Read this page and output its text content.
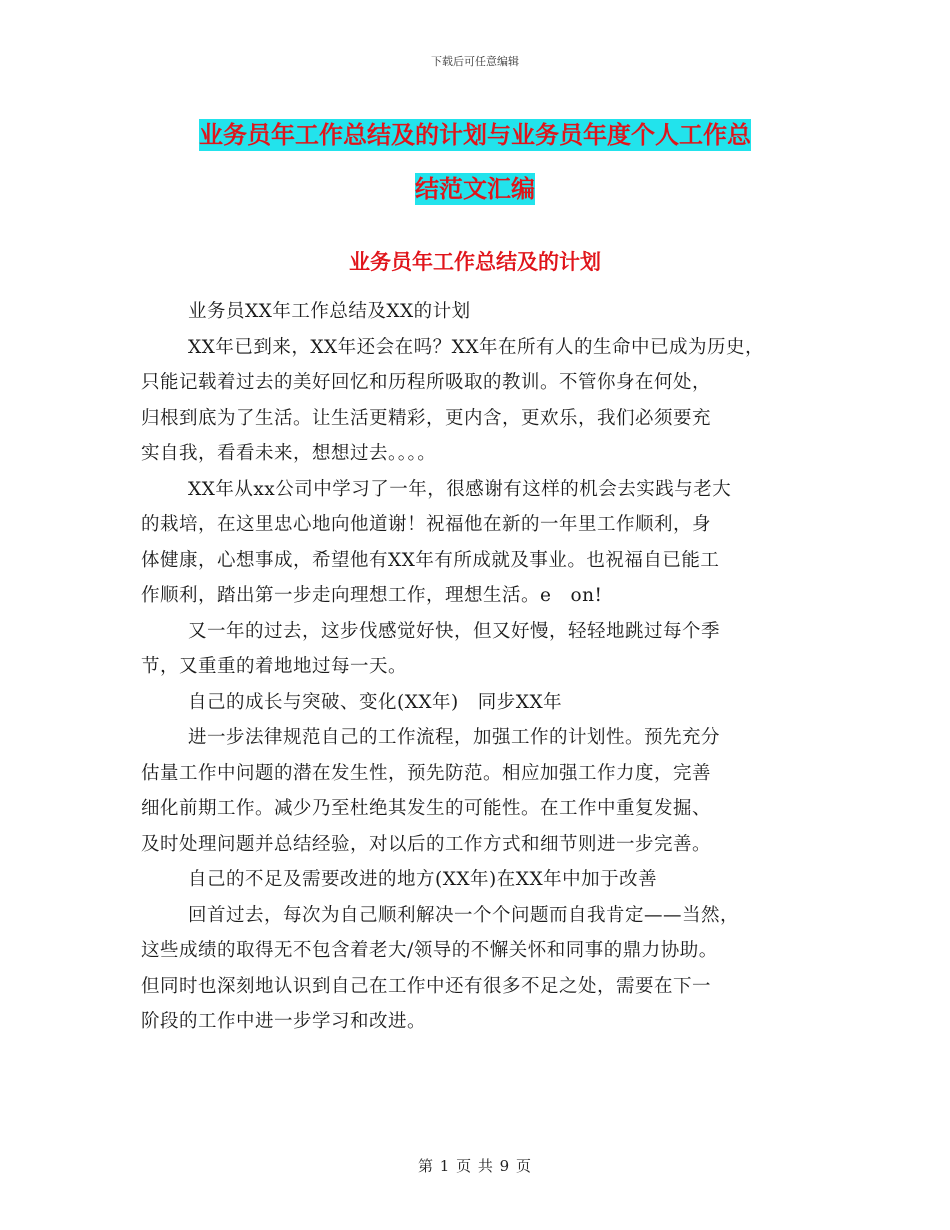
下载后可任意编辑
业务员年工作总结及的计划与业务员年度个人工作总
结范文汇编
业务员年工作总结及的计划
业务员XX年工作总结及XX的计划
XX年已到来，XX年还会在吗？XX年在所有人的生命中已成为历史，
只能记载着过去的美好回忆和历程所吸取的教训。不管你身在何处，
归根到底为了生活。让生活更精彩，更内含，更欢乐，我们必须要充
实自我，看看未来，想想过去。。。。
XX年从xx公司中学习了一年，很感谢有这样的机会去实践与老大
的栽培，在这里忠心地向他道谢！祝福他在新的一年里工作顺利，身
体健康，心想事成，希望他有XX年有所成就及事业。也祝福自已能工
作顺利，踏出第一步走向理想工作，理想生活。e　on!
又一年的过去，这步伐感觉好快，但又好慢，轻轻地跳过每个季
节，又重重的着地地过每一天。
自己的成长与突破、变化(XX年)　同步XX年
进一步法律规范自己的工作流程，加强工作的计划性。预先充分
估量工作中问题的潜在发生性，预先防范。相应加强工作力度，完善
细化前期工作。减少乃至杜绝其发生的可能性。在工作中重复发掘、
及时处理问题并总结经验，对以后的工作方式和细节则进一步完善。
自己的不足及需要改进的地方(XX年)在XX年中加于改善
回首过去，每次为自己顺利解决一个个问题而自我肯定——当然，
这些成绩的取得无不包含着老大/领导的不懈关怀和同事的鼎力协助。
但同时也深刻地认识到自己在工作中还有很多不足之处，需要在下一
阶段的工作中进一步学习和改进。
第 1 页 共 9 页
